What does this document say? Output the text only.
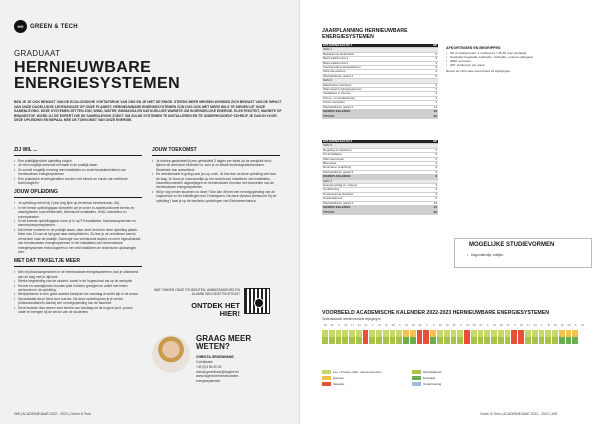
HG	GREEN & TECH
GRADUAAT
HERNIEUWBARE ENERGIESYSTEMEN
BEN JE JE OOK BEWUST VAN DE ECOLOGISCHE VOETAFDRUK VAN ONS EN JE NIET DE ENIGE. STEEDS MEER MENSEN WORDEN ZICH BEWUST VAN DE IMPACT VAN ONZE DAGELIJKSE LEVENSWIJZE OP ONZE PLANEET. HERNIEUWBARE ENERGIESYSTEMEN ZIJN DUS OOK MET MEER WILS TE DIENEN UIT ONZE SAMENLEVING. DEZE SYSTEMEN ZETTEN ZON, WIND, WATER, BIOMASSA EN NATUURLIJKE WARMTE OM IN MENSELIJKE ENERGIE. ELEKTRICITEIT, WARMTE OF BRANDSTOF. WORD JIJ DE EXPERT DIE DE SAMENLEVING ZOEKT OM ZULKE SYSTEMEN TE INSTALLEREN EN TE ONDERHOUDEN? SCHRIJF JE DAN IN VOOR DEZE OPLEIDING EN BEPAAL MEE DE TOEKOMST VAN ONZE ENERGIE.
ZIJ WIL ...
• Een praktijkgerichte opleiding volgen
• Je veel mogelijk werkveld eenmaal in de praktijk staan
• Zo zoveel mogelijk ervaring met installaties en onderhoudstechnieken van hernieuwbare energiesystemen
• Een praktische ervaringsvakker worden met kennis en kunde van werkbare technologieën
JOUW OPLEIDING
• Je opleiding neemt bij 2 jaar (erg fijne op technisch kennisniveau, 5A)
• In het eerste opleidingsjaar dompelen we je onder in zaamfunctionele kennis en vaardigheden rond elektriciteit, elektrische installaties, HVAC-toestellen en zonnepanelen.
• In het tweede opleidingsjaar zoom je in op PV-installaties, biomassasystemen en warmtepompensystemen.
• Met beide vorderen in de praktijk staan, daar vindt het leren deze opleiding plaats. Meer dan 13 van de tijd gaat naar werkplekleren. Zo leer je de onmisbare kennis verwerken naar de praktijk. Sommige van vernieuwde aspect en meer ingeschakeld, van hernieuwbare energiesystemen in het installaties van hernieuwbare energiesystemen technologieën in het veld installeren en technische oplossingen zien.
MET DAT TIKKELTJE MEER
• Met vrij discussiegerichten in de hernieuwbare energiesystemen, kan je uitstekend aan de slag met je diploma
• Sterke begeleiding van de student: zowel in de hogeschool als op de werkplek
• Kennis en vaardigheden worden juist in kleine groepjes en actief met leden verbonden in de opleiding
• Werkplekleren in een goed aanbod bedrijven die vandaag al actief zijn in de sector
• Specialisatie als je kiest voor succes. Na deze opleiding kan je je verder professionaliseren dankzij een vervolgopleiding van de bachelor
• Deze lectoren dan nemen mee kennis van vandaag tot de hogere punt, proces onder te brengen bij de sector van de studenten.
JOUW TOEKOMST
• Je beroep garandeert jij een gemiddeld 3 dagen per week op de werkplek door; tijdens de werkvloer bevinden in, kom je zo ideale funderingsbeurtenissen. Studenten kun aanvullend.
• De arbeidsmarkt is gretig naar jou op zoek. Je kan dan na deze opleiding veel aan de slag. Je focus je voornamelijk op het onderhoud, installeren van installaties, inzamelmomenten uitgewijzigen en hernieuwbare bronnen het doorzetten van de hernieuwbare energiesystemen.
• Wil je nog verder studeren na deze? Dan kan dit met een vervolgopleiding van de hogeschool en de instellingen met 2 basisjaren. Na deze diploma (trefwoord 'bij de opleiding') haal je op de bachelor-opleidingen van Elektromechanica.
WAT VINDEN ONZE STUDENTEN, AMBASSADEURS EN ALUMNI VAN DEZE RICHTING?
ONTDEK HET HIER!
GRAAG MEER WETEN?
CHRISTA GROENHANS
Coördinator
+32 (0)3 56 40 00
christa.groenhans@hogent.be
www.hogent.be/hernieuwbare-
energiesystemen
268 | ACADEMIEJAAR 2022 - 2023 | Green & Tech
JAARPLANNING HERNIEUWBARE ENERGIESYSTEMEN
OPLEIDINGSJAAR 1	SP
SEM 1	
Basiskennis elektriciteit	6
Basis elektronica 1	3
Basis elektronica 2	3
Voorbereiding werkplekleren	6
Schema-ontwerp	4
Werkplekleren graad 1	6
SEM 2	
Elektrische machines	3
Warmteverzorgingssystemen	3
Installaties in theorie	4
Zonne- en windtechniek	4
HVAC-toestellen	3
Werkplekleren graad 2	12
WERKPLEKLEREN	18
TOTAAL	60
OPLEIDINGSJAAR 2	SP
SEM 3	
Regeling en besturen	3
PV-installaties	6
Warmtepompen	6
Biomassa	3
Duurzame verlichting	3
Werkplekleren graad 3	9
WERKPLEKLEREN	9
SEM 4	
Energieopslag en -beheer	3
Certificering	3
Professionele identiteit	3
Graduaatproef	6
Werkplekleren graad 4	15
WERKPLEKLEREN	24
TOTAAL	60
AFKORTINGEN EN BEGRIPPEN
• SP of studiepunten: 1 studiepunt = 25-30 uren studietijd
• Studietijd: begeleide zelfstudie, zelfstudie, examen afleggen)
• SEM: semester
• WP: studieuren per week
Neveh de informatie sta behoud tot wijzigingen
MOGELIJKE STUDIEVORMEN
• Dagonderwijs, voltijds
VOORBEELD ACADEMISCHE KALENDER 2022-2023 HERNIEUWBARE ENERGIESYSTEMEN
Onderstaande weekinventaris wijzigingen
22	26	3	10	17	24	31	7	14	21	28	5	12	19	26	2	9	16	23	30	6	13	20	27	6	13	20	27	3	10	17	24	1	8	15	22	29	5	12
Les + Project- labo- oefenmomenten
Examen
Vakantie
Werkplekleren
Evaluatie
Onderbreking
Green & Tech | ACADEMIEJAAR 2022 - 2023 | 269
